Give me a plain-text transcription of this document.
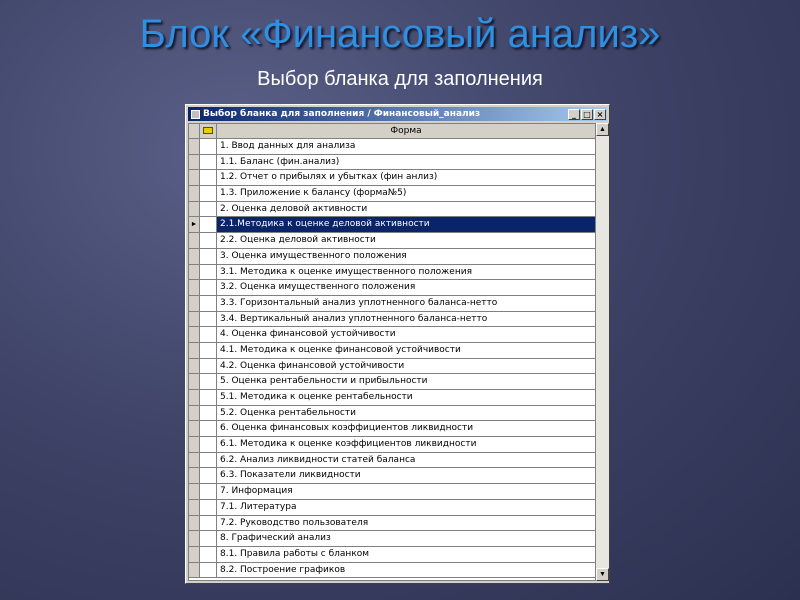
Блок «Финансовый анализ»
Выбор бланка для заполнения
Выбор бланка для заполнения / Финансовый_анализ	_ □ ×
Форма
1. Ввод данных для анализа
1.1. Баланс (фин.анализ)
1.2. Отчет о прибылях и убытках (фин анлиз)
1.3. Приложение к балансу (форма№5)
2. Оценка деловой активности
►	2.1.Методика к оценке деловой активности
2.2. Оценка деловой активности
3. Оценка имущественного положения
3.1. Методика к оценке имущественного положения
3.2. Оценка имущественного положения
3.3. Горизонтальный анализ уплотненного баланса-нетто
3.4. Вертикальный анализ уплотненного баланса-нетто
4. Оценка финансовой устойчивости
4.1. Методика к оценке финансовой устойчивости
4.2. Оценка финансовой устойчивости
5. Оценка рентабельности и прибыльности
5.1. Методика к оценке рентабельности
5.2. Оценка рентабельности
6. Оценка финансовых коэффициентов ликвидности
6.1. Методика к оценке коэффициентов ликвидности
6.2. Анализ ликвидности статей баланса
6.3. Показатели ликвидности
7. Информация
7.1. Литература
7.2. Руководство пользователя
8. Графический анализ
8.1. Правила работы с бланком
8.2. Построение графиков
▲
▼
